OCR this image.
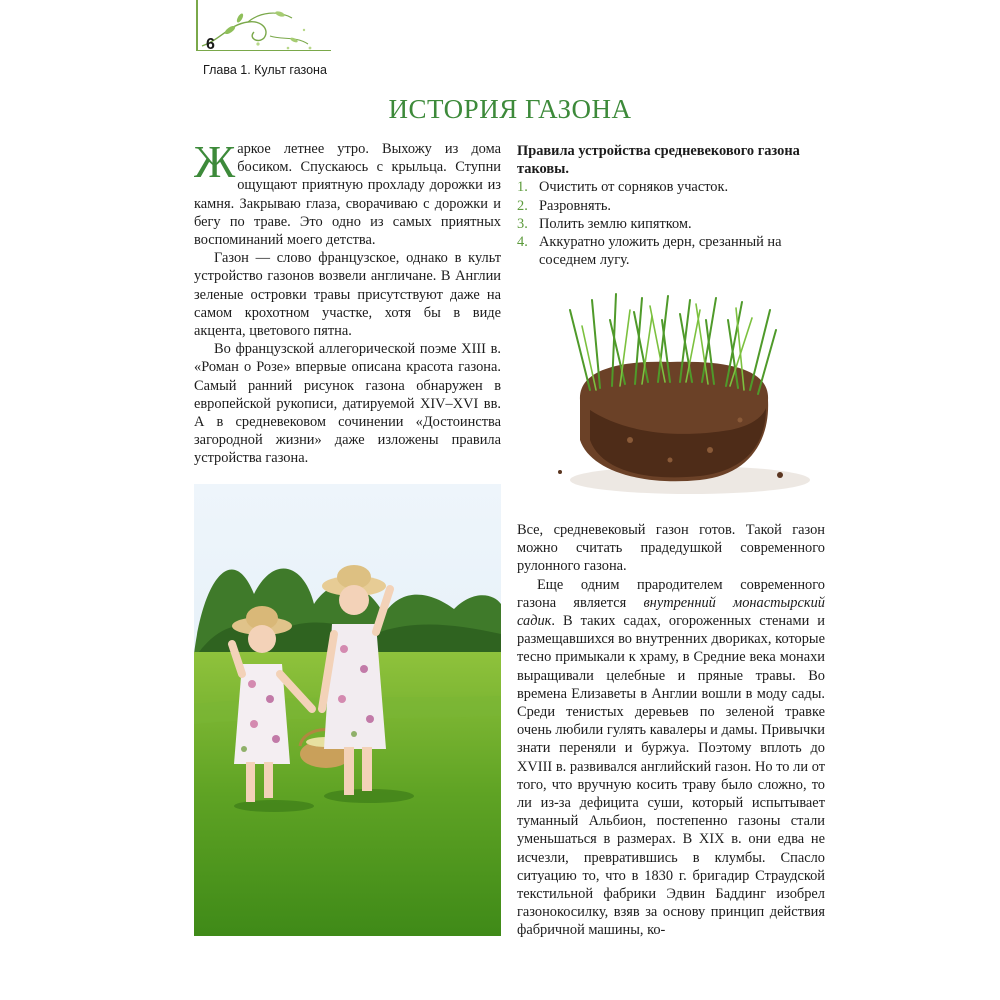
6
Глава 1. Культ газона
ИСТОРИЯ ГАЗОНА

Жаркое летнее утро. Выхожу из дома босиком. Спускаюсь с крыльца. Ступни ощущают приятную прохладу дорожки из камня. Закрываю глаза, сворачиваю с дорожки и бегу по траве. Это одно из самых приятных воспоминаний моего детства.

Газон — слово французское, однако в культ устройство газонов возвели англичане. В Англии зеленые островки травы присутствуют даже на самом крохотном участке, хотя бы в виде акцента, цветового пятна.

Во французской аллегорической поэме XIII в. «Роман о Розе» впервые описана красота газона. Самый ранний рисунок газона обнаружен в европейской рукописи, датируемой XIV–XVI вв. А в средневековом сочинении «Достоинства загородной жизни» даже изложены правила устройства газона.

Правила устройства средневекового газона таковы.

1. Очистить от сорняков участок.
2. Разровнять.
3. Полить землю кипятком.
4. Аккуратно уложить дерн, срезанный на соседнем лугу.

Все, средневековый газон готов. Такой газон можно считать прадедушкой современного рулонного газона.

Еще одним прародителем современного газона является внутренний монастырский садик. В таких садах, огороженных стенами и размещавшихся во внутренних двориках, которые тесно примыкали к храму, в Средние века монахи выращивали целебные и пряные травы. Во времена Елизаветы в Англии вошли в моду сады. Среди тенистых деревьев по зеленой травке очень любили гулять кавалеры и дамы. Привычки знати переняли и буржуа. Поэтому вплоть до XVIII в. развивался английский газон. Но то ли от того, что вручную косить траву было сложно, то ли из-за дефицита суши, который испытывает туманный Альбион, постепенно газоны стали уменьшаться в размерах. В XIX в. они едва не исчезли, превратившись в клумбы. Спасло ситуацию то, что в 1830 г. бригадир Страудской текстильной фабрики Эдвин Баддинг изобрел газонокосилку, взяв за основу принцип действия фабричной машины, ко-
